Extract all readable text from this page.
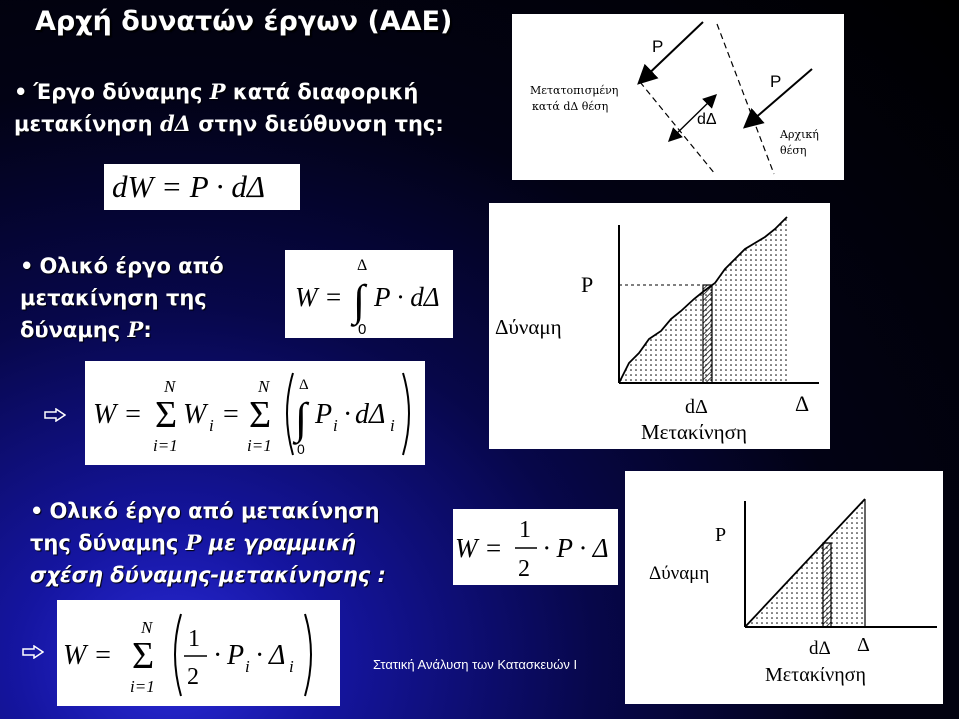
Αρχή δυνατών έργων (ΑΔΕ)
• Έργο δύναμης P κατά διαφορική
μετακίνηση dΔ στην διεύθυνση της:
dW = P · dΔ
• Ολικό έργο από
μετακίνηση της
δύναμης P:
W =
Δ
∫
0
P · dΔ
W =
N
Σ
i=1
W i =
N
Σ
i=1
Δ
∫
0
P i · dΔ i
• Ολικό έργο από μετακίνηση
της δύναμης P με γραμμική
σχέση δύναμης-μετακίνησης :
W =
1
2
· P · Δ
W =
N
Σ
i=1
1
2
· P i · Δ i
P
P
Μετατοπισμένη
κατά dΔ θέση
dΔ
Αρχική
θέση
P
Δύναμη
dΔ	Δ
Μετακίνηση
P
Δύναμη
dΔ Δ
Μετακίνηση
Στατική Ανάλυση των Κατασκευών Ι
